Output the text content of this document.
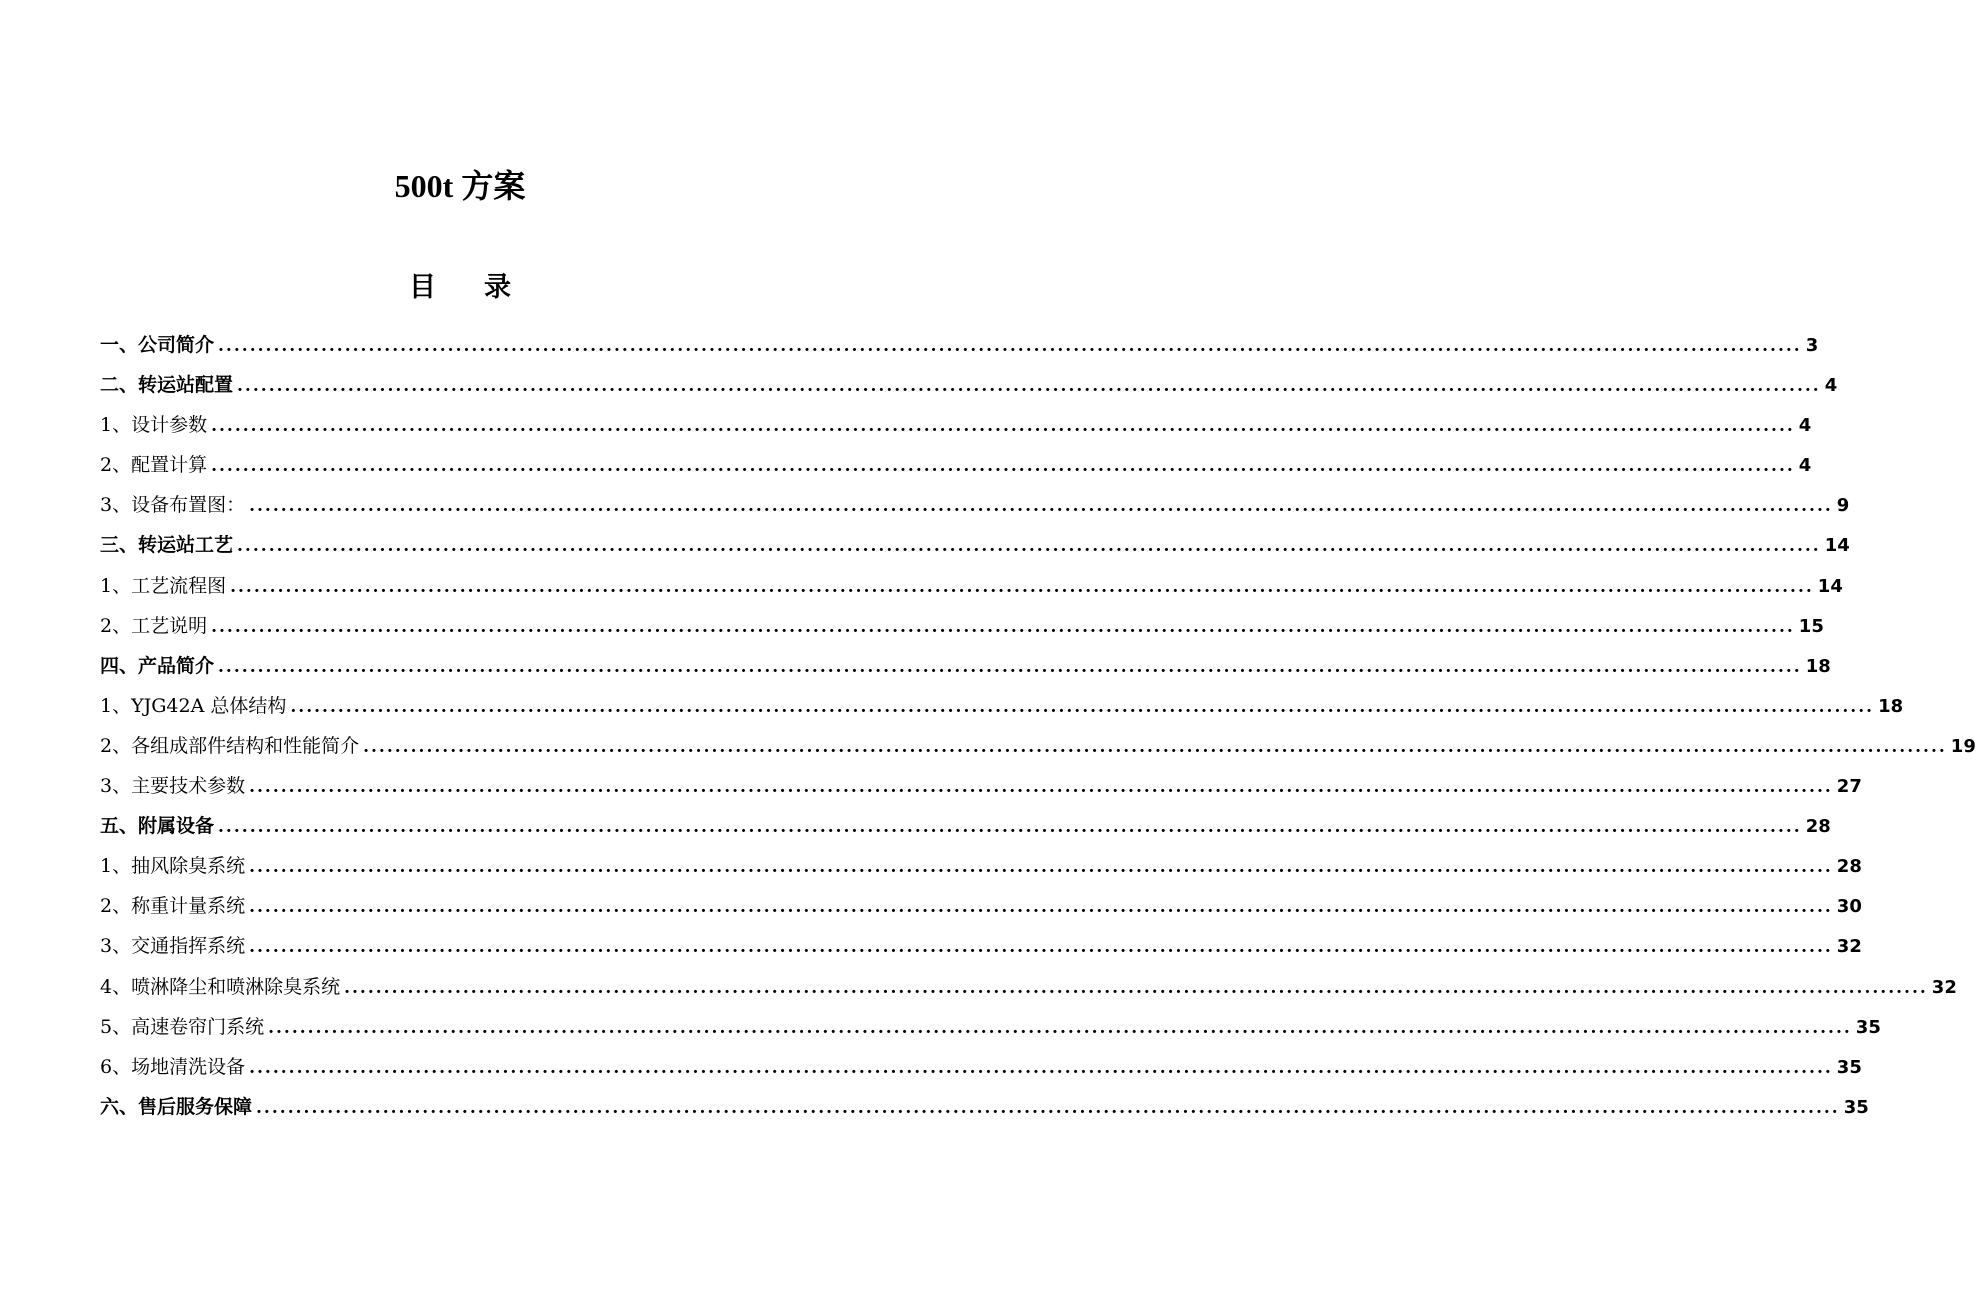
500t 方案
目 录
一、公司简介 ........................................................................................................................................................................................................ 3
二、转运站配置 ........................................................................................................................................................................................................ 4
1、设计参数 ........................................................................................................................................................................................................ 4
2、配置计算 ........................................................................................................................................................................................................ 4
3、设备布置图： ........................................................................................................................................................................................................ 9
三、转运站工艺 ........................................................................................................................................................................................................ 14
1、工艺流程图 ........................................................................................................................................................................................................ 14
2、工艺说明 ........................................................................................................................................................................................................ 15
四、产品简介 ........................................................................................................................................................................................................ 18
1、YJG42A 总体结构 ........................................................................................................................................................................................................ 18
2、各组成部件结构和性能简介 ........................................................................................................................................................................................................ 19
3、主要技术参数 ........................................................................................................................................................................................................ 27
五、附属设备 ........................................................................................................................................................................................................ 28
1、抽风除臭系统 ........................................................................................................................................................................................................ 28
2、称重计量系统 ........................................................................................................................................................................................................ 30
3、交通指挥系统 ........................................................................................................................................................................................................ 32
4、喷淋降尘和喷淋除臭系统 ........................................................................................................................................................................................................ 32
5、高速卷帘门系统 ........................................................................................................................................................................................................ 35
6、场地清洗设备 ........................................................................................................................................................................................................ 35
六、售后服务保障 ........................................................................................................................................................................................................ 35
